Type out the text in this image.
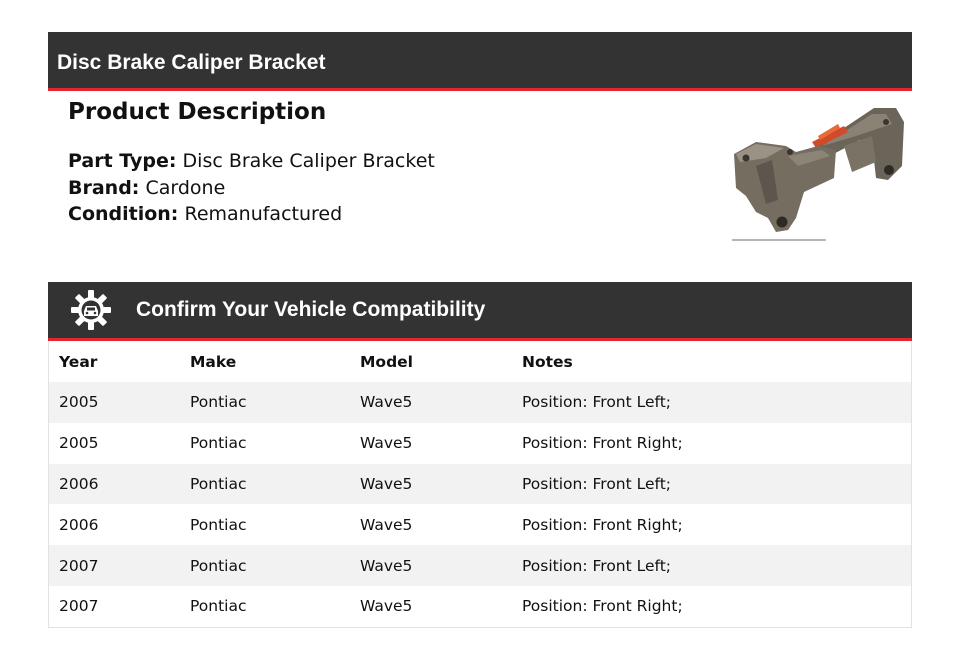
Disc Brake Caliper Bracket
Product Description
Part Type: Disc Brake Caliper Bracket
Brand: Cardone
Condition: Remanufactured
Confirm Your Vehicle Compatibility
Year	Make	Model	Notes
2005	Pontiac	Wave5	Position: Front Left;
2005	Pontiac	Wave5	Position: Front Right;
2006	Pontiac	Wave5	Position: Front Left;
2006	Pontiac	Wave5	Position: Front Right;
2007	Pontiac	Wave5	Position: Front Left;
2007	Pontiac	Wave5	Position: Front Right;
